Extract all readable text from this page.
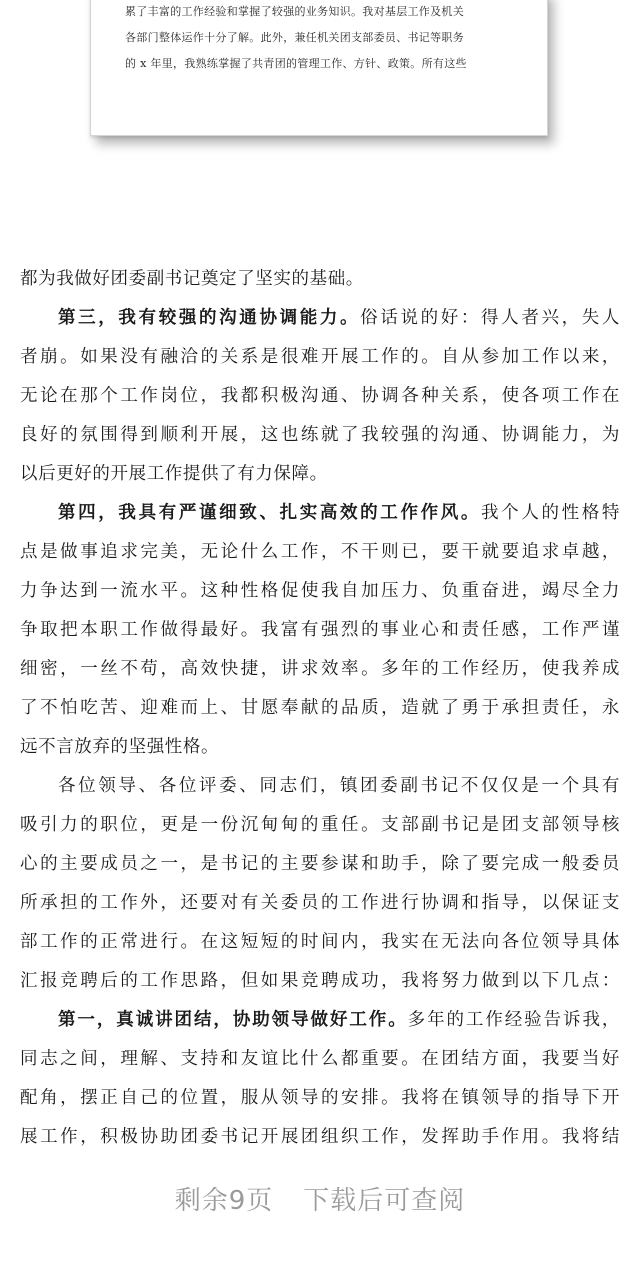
累了丰富的工作经验和掌握了较强的业务知识。我对基层工作及机关
各部门整体运作十分了解。此外，兼任机关团支部委员、书记等职务
的 x 年里，我熟练掌握了共青团的管理工作、方针、政策。所有这些
都为我做好团委副书记奠定了坚实的基础。
第三，我有较强的沟通协调能力。俗话说的好：得人者兴，失人
者崩。如果没有融洽的关系是很难开展工作的。自从参加工作以来，
无论在那个工作岗位，我都积极沟通、协调各种关系，使各项工作在
良好的氛围得到顺利开展，这也练就了我较强的沟通、协调能力，为
以后更好的开展工作提供了有力保障。
第四，我具有严谨细致、扎实高效的工作作风。我个人的性格特
点是做事追求完美，无论什么工作，不干则已，要干就要追求卓越，
力争达到一流水平。这种性格促使我自加压力、负重奋进，竭尽全力
争取把本职工作做得最好。我富有强烈的事业心和责任感，工作严谨
细密，一丝不苟，高效快捷，讲求效率。多年的工作经历，使我养成
了不怕吃苦、迎难而上、甘愿奉献的品质，造就了勇于承担责任，永
远不言放弃的坚强性格。
各位领导、各位评委、同志们，镇团委副书记不仅仅是一个具有
吸引力的职位，更是一份沉甸甸的重任。支部副书记是团支部领导核
心的主要成员之一，是书记的主要参谋和助手，除了要完成一般委员
所承担的工作外，还要对有关委员的工作进行协调和指导，以保证支
部工作的正常进行。在这短短的时间内，我实在无法向各位领导具体
汇报竞聘后的工作思路，但如果竞聘成功，我将努力做到以下几点：
第一，真诚讲团结，协助领导做好工作。多年的工作经验告诉我，
同志之间，理解、支持和友谊比什么都重要。在团结方面，我要当好
配角，摆正自己的位置，服从领导的安排。我将在镇领导的指导下开
展工作，积极协助团委书记开展团组织工作，发挥助手作用。我将结
剩余9页 下载后可查阅
